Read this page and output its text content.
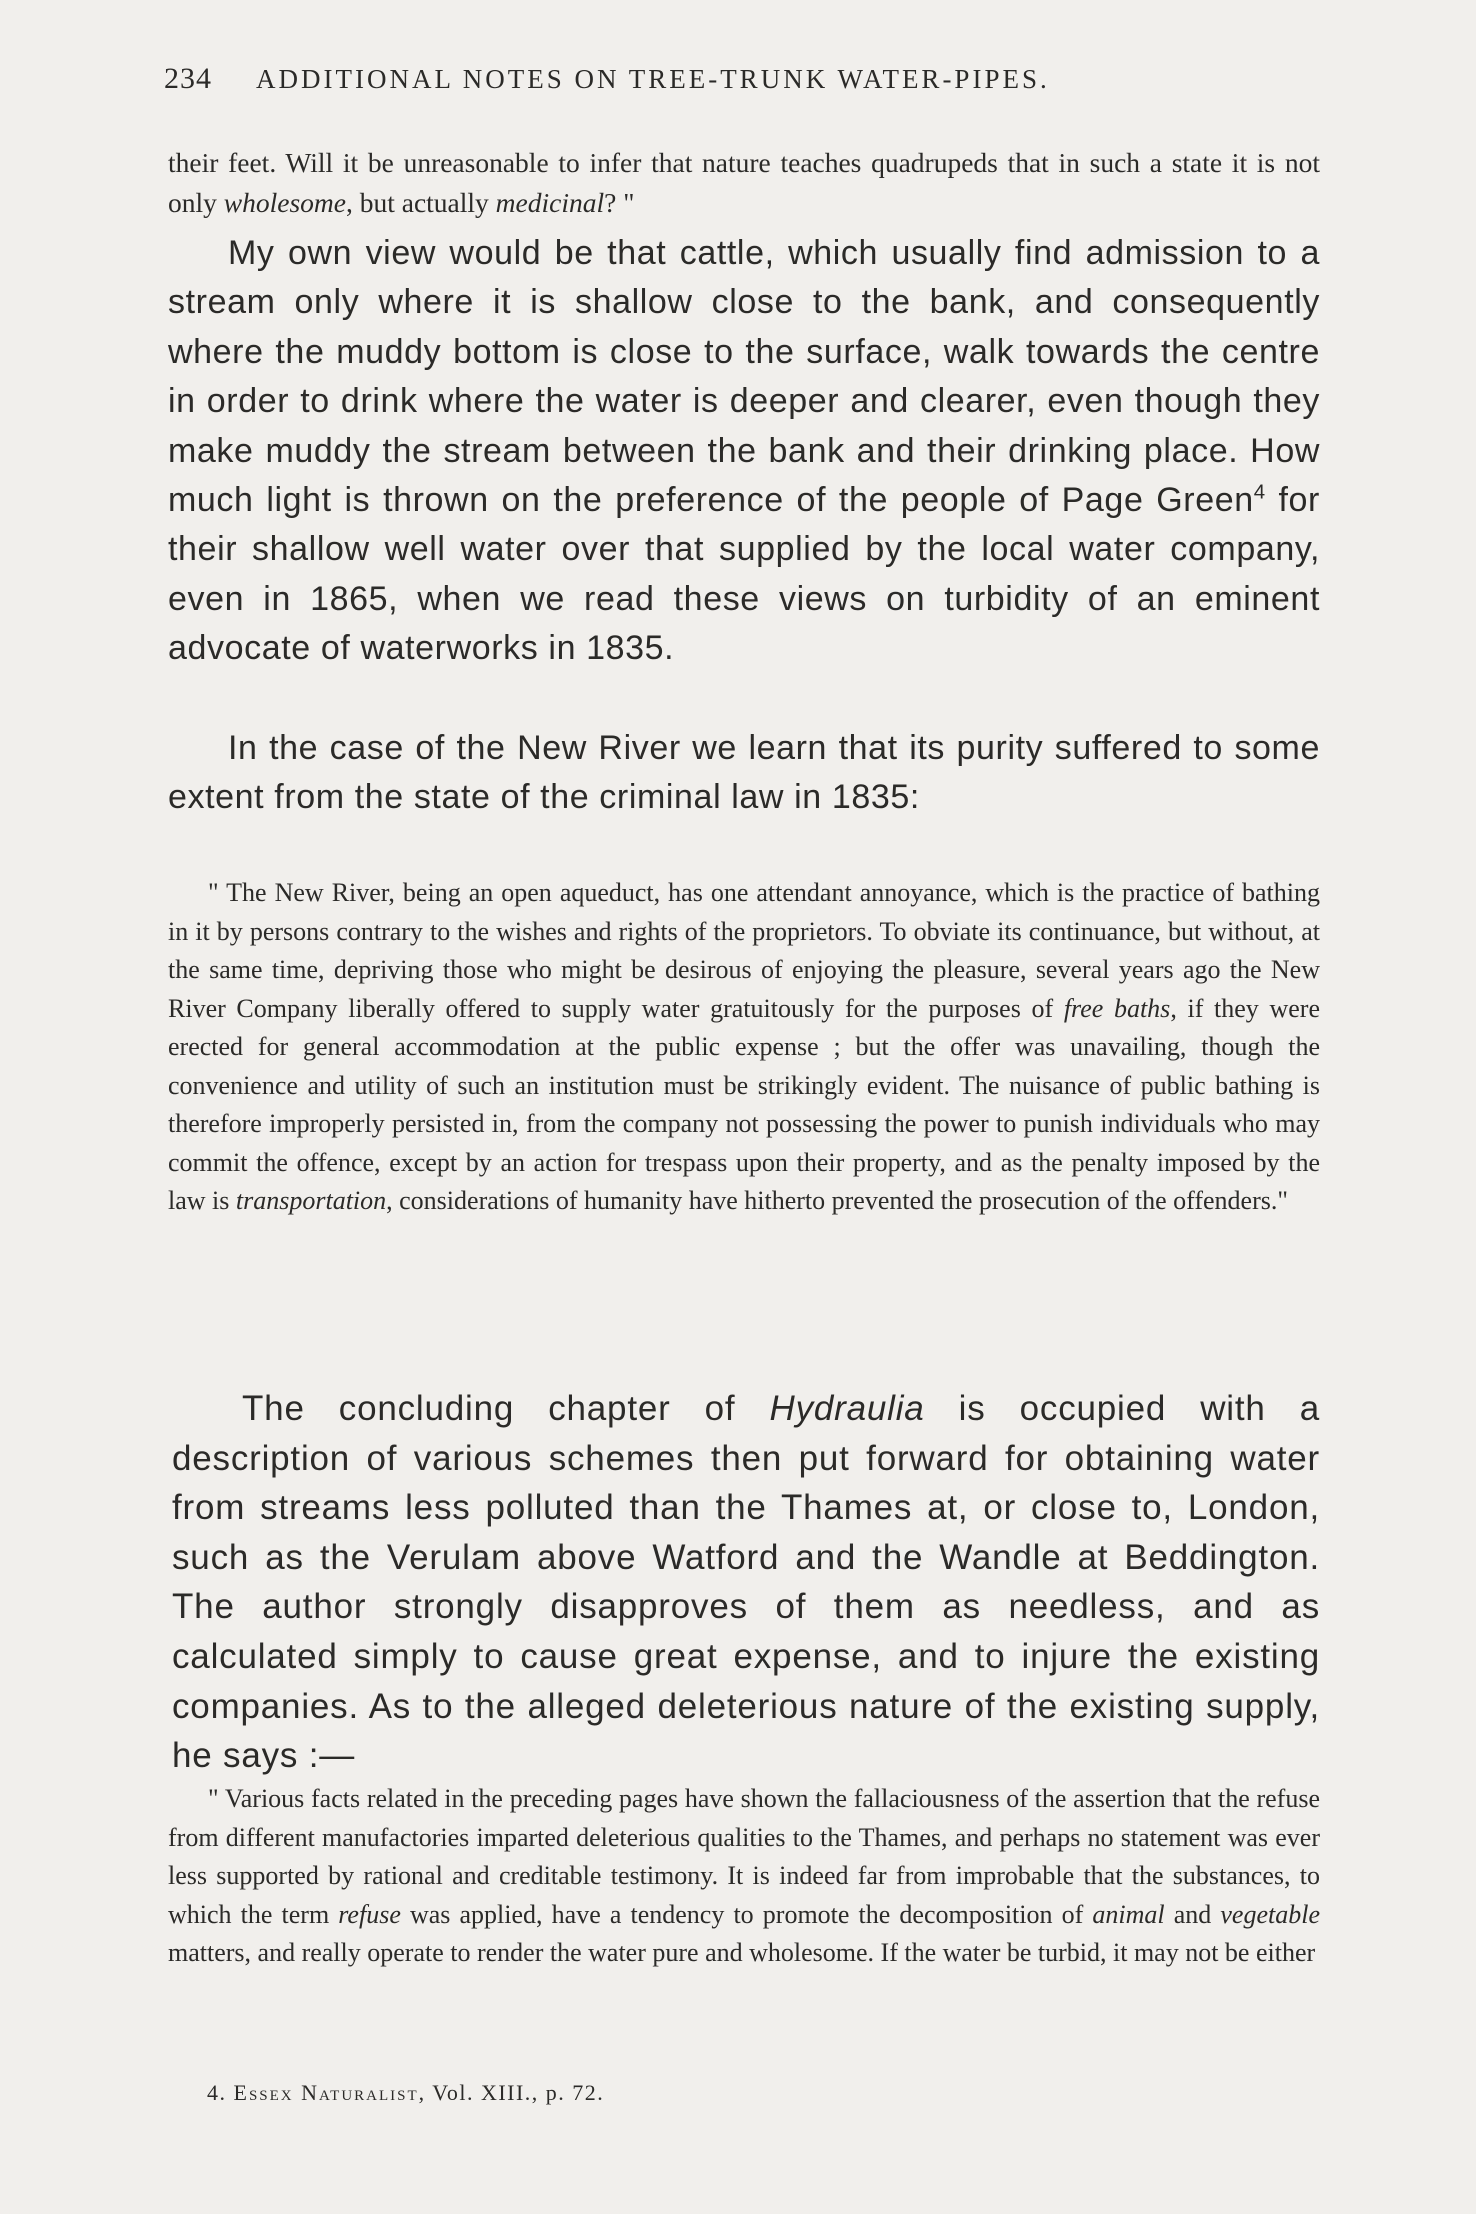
234 ADDITIONAL NOTES ON TREE-TRUNK WATER-PIPES.
their feet. Will it be unreasonable to infer that nature teaches quadrupeds that in such a state it is not only wholesome, but actually medicinal? "
My own view would be that cattle, which usually find admission to a stream only where it is shallow close to the bank, and consequently where the muddy bottom is close to the surface, walk towards the centre in order to drink where the water is deeper and clearer, even though they make muddy the stream between the bank and their drinking place. How much light is thrown on the preference of the people of Page Green$^4$ for their shallow well water over that supplied by the local water company, even in 1865, when we read these views on turbidity of an eminent advocate of waterworks in 1835.
In the case of the New River we learn that its purity suffered to some extent from the state of the criminal law in 1835:
" The New River, being an open aqueduct, has one attendant annoyance, which is the practice of bathing in it by persons contrary to the wishes and rights of the proprietors. To obviate its continuance, but without, at the same time, depriving those who might be desirous of enjoying the pleasure, several years ago the New River Company liberally offered to supply water gratuitously for the purposes of free baths, if they were erected for general accommodation at the public expense ; but the offer was unavailing, though the convenience and utility of such an institution must be strikingly evident. The nuisance of public bathing is therefore improperly persisted in, from the company not possessing the power to punish individuals who may commit the offence, except by an action for trespass upon their property, and as the penalty imposed by the law is transportation, considerations of humanity have hitherto prevented the prosecution of the offenders."
The concluding chapter of Hydraulia is occupied with a description of various schemes then put forward for obtaining water from streams less polluted than the Thames at, or close to, London, such as the Verulam above Watford and the Wandle at Beddington. The author strongly disapproves of them as needless, and as calculated simply to cause great expense, and to injure the existing companies. As to the alleged deleterious nature of the existing supply, he says :—
" Various facts related in the preceding pages have shown the fallaciousness of the assertion that the refuse from different manufactories imparted deleterious qualities to the Thames, and perhaps no statement was ever less supported by rational and creditable testimony. It is indeed far from improbable that the substances, to which the term refuse was applied, have a tendency to promote the decomposition of animal and vegetable matters, and really operate to render the water pure and wholesome. If the water be turbid, it may not be either
4. Essex Naturalist, Vol. XIII., p. 72.
